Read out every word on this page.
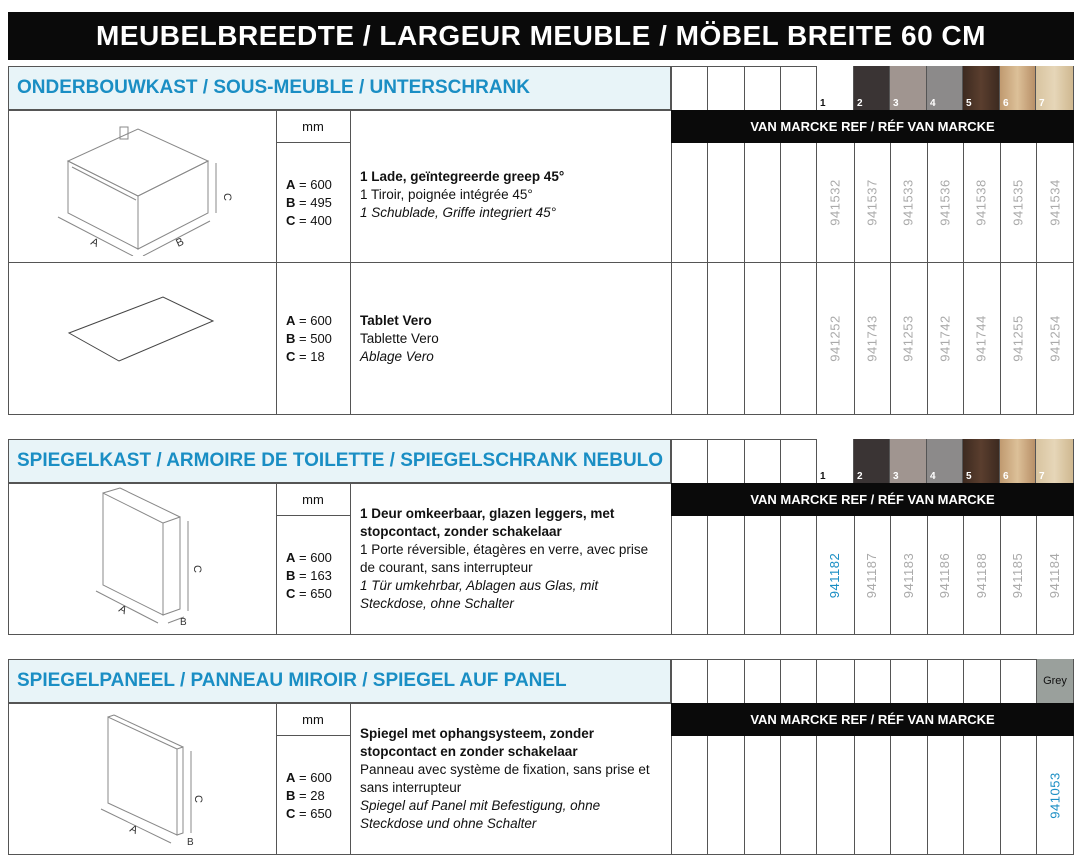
MEUBELBREEDTE / LARGEUR MEUBLE / MÖBEL BREITE 60 CM
ONDERBOUWKAST / SOUS-MEUBLE / UNTERSCHRANK
1	2	3	4	5	6	7
VAN MARCKE REF / RÉF VAN MARCKE
mm
A	B
C
A = 600
B = 495
C = 400
1 Lade, geïntegreerde greep 45°
1 Tiroir, poignée intégrée 45°
1 Schublade, Griffe integriert 45°	941532 941537 941533 941536 941538 941535 941534
A = 600
B = 500
C = 18
Tablet Vero
Tablette Vero
Ablage Vero	941252 941743 941253 941742 941744 941255 941254
SPIEGELKAST / ARMOIRE DE TOILETTE / SPIEGELSCHRANK NEBULO
1	2	3	4	5	6	7
VAN MARCKE REF / RÉF VAN MARCKE
mm
A
C
B
A = 600
B = 163
C = 650
1 Deur omkeerbaar, glazen leggers, met stopcontact, zonder schakelaar
1 Porte réversible, étagères en verre, avec prise de courant, sans interrupteur
1 Tür umkehrbar, Ablagen aus Glas, mit Steckdose, ohne Schalter
941182 941187 941183 941186 941188 941185 941184
SPIEGELPANEEL / PANNEAU MIROIR / SPIEGEL AUF PANEL	Grey
VAN MARCKE REF / RÉF VAN MARCKE
mm
A
C
B
A = 600
B = 28
C = 650
Spiegel met ophangsysteem, zonder stopcontact en zonder schakelaar
Panneau avec système de fixation, sans prise et sans interrupteur
Spiegel auf Panel mit Befestigung, ohne Steckdose und ohne Schalter
941053
